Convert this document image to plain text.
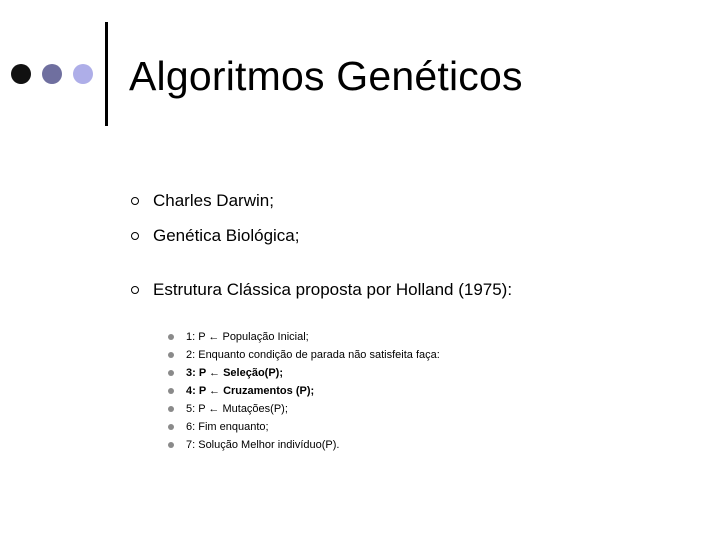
Algoritmos Genéticos
Charles Darwin;
Genética Biológica;
Estrutura Clássica proposta por Holland (1975):
1: P ← População Inicial;
2: Enquanto condição de parada não satisfeita faça:
3: P ← Seleção(P);
4: P ← Cruzamentos (P);
5: P ← Mutações(P);
6: Fim enquanto;
7: Solução Melhor indivíduo(P).
